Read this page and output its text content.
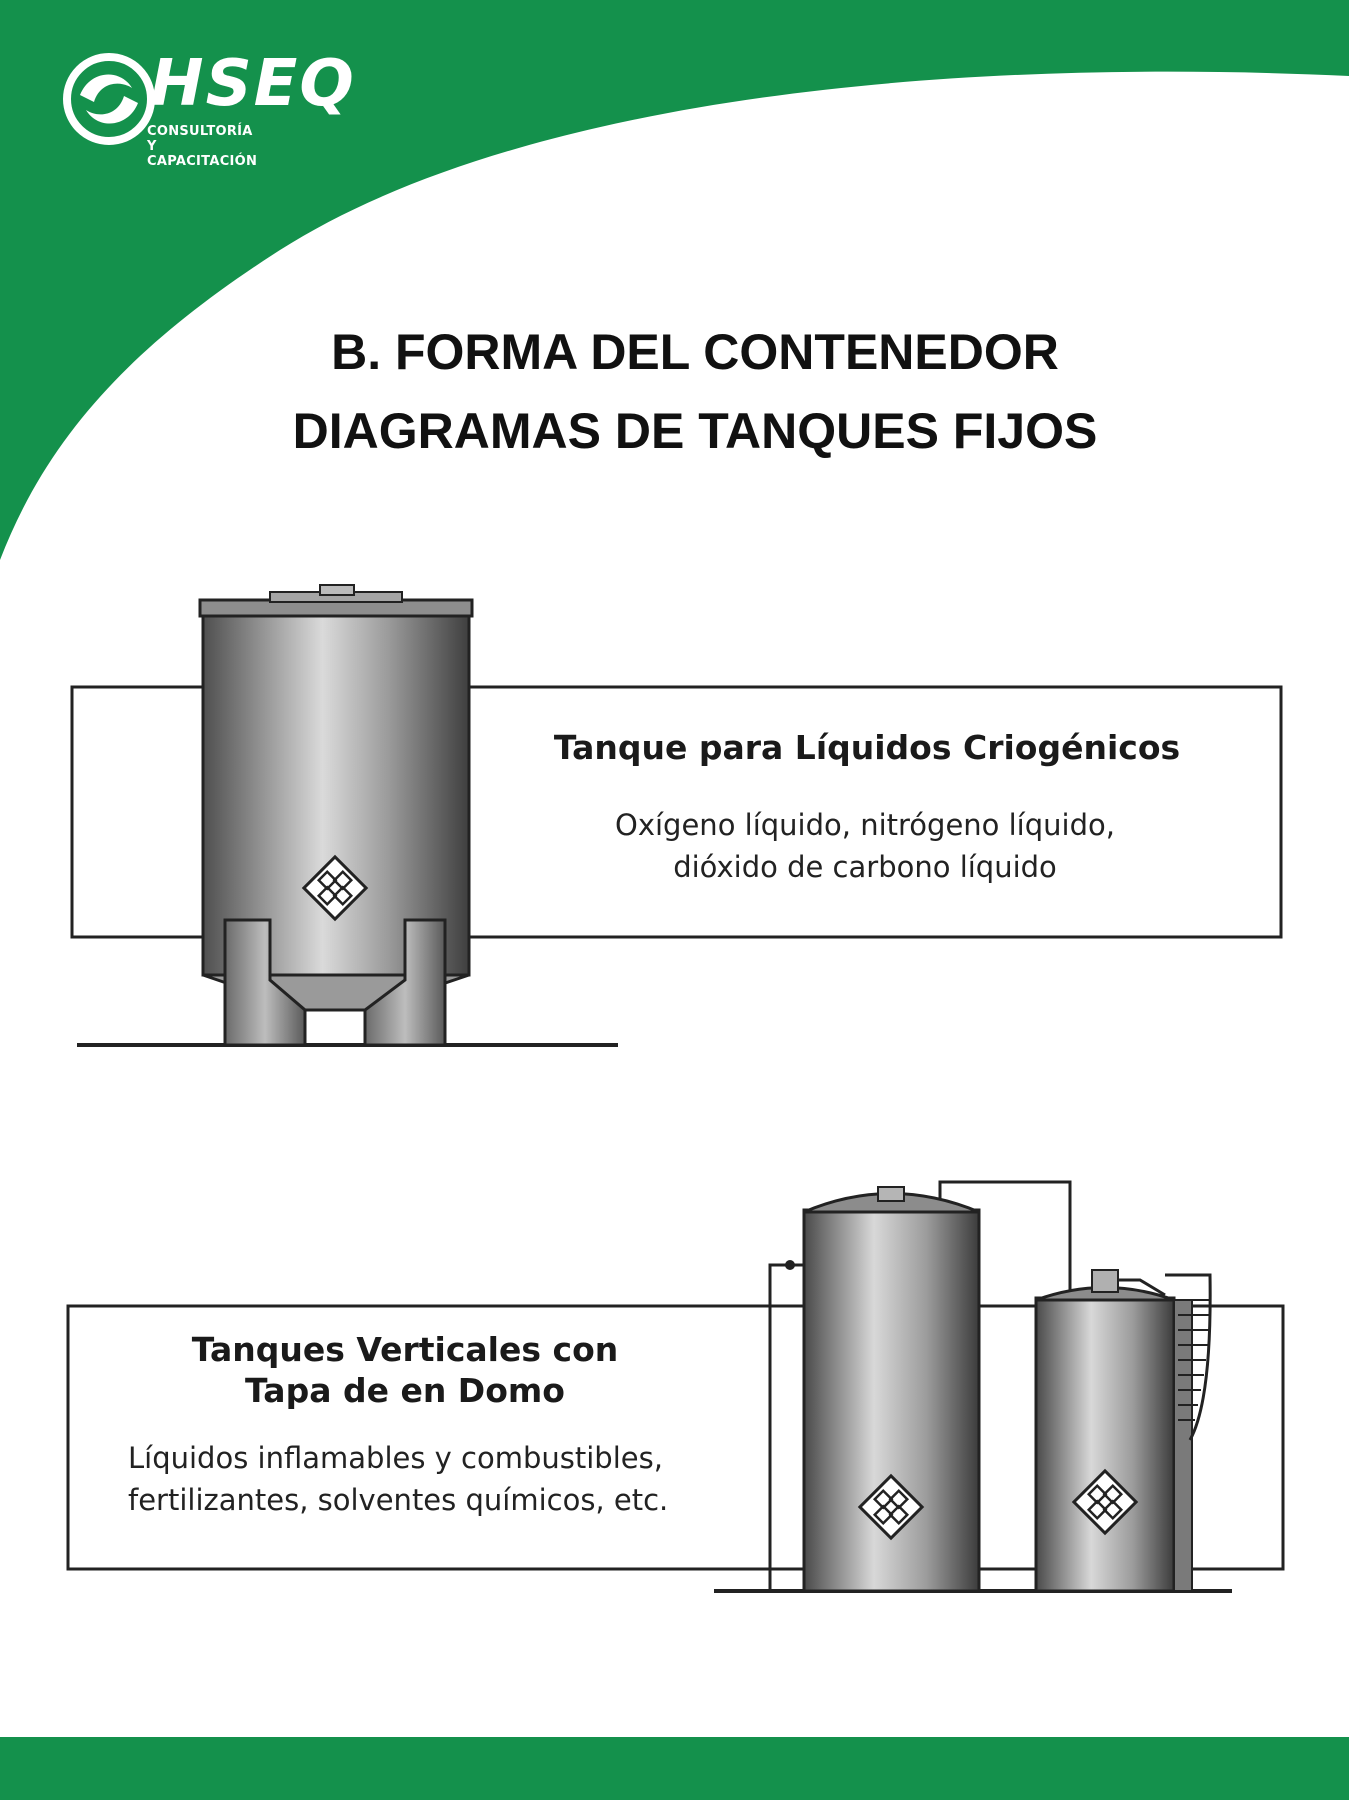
HSEQ
CONSULTORÍA Y CAPACITACIÓN
B. FORMA DEL CONTENEDOR
DIAGRAMAS DE TANQUES FIJOS
Tanque para Líquidos Criogénicos
Oxígeno líquido, nitrógeno líquido,
dióxido de carbono líquido
Tanques Verticales con
Tapa de en Domo
Líquidos inflamables y combustibles,
fertilizantes, solventes químicos, etc.
